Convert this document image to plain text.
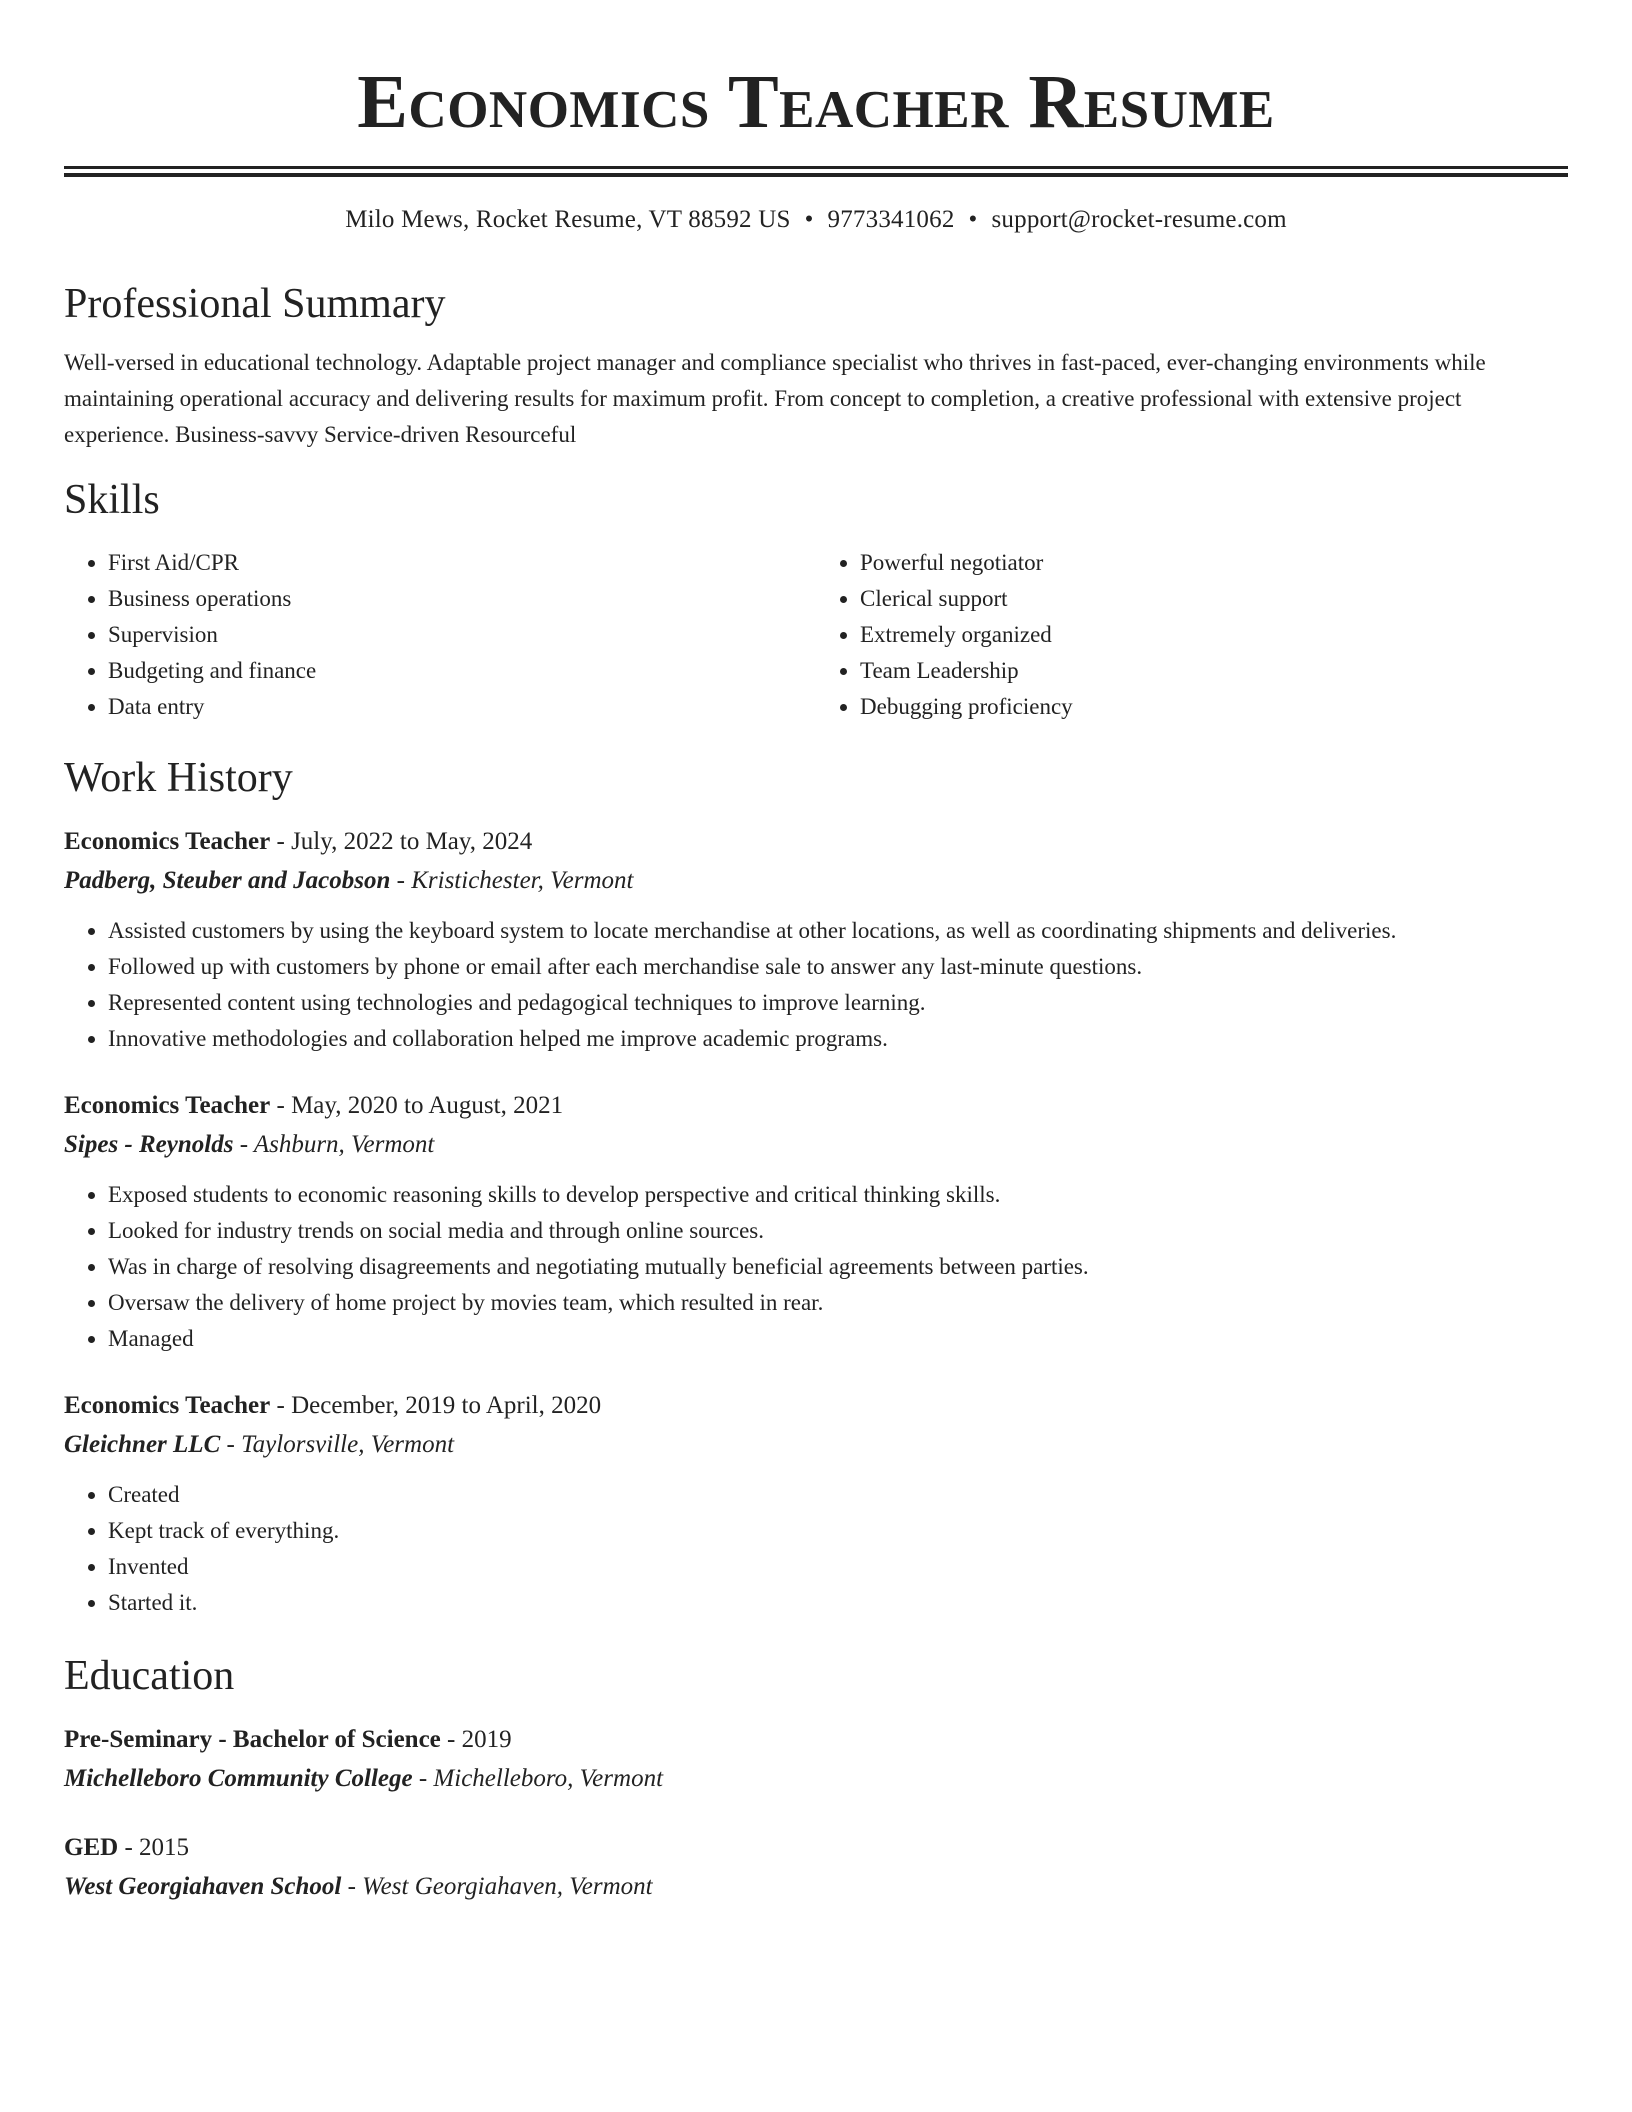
Economics Teacher Resume
Milo Mews, Rocket Resume, VT 88592 US • 9773341062 • support@rocket-resume.com
Professional Summary
Well-versed in educational technology. Adaptable project manager and compliance specialist who thrives in fast-paced, ever-changing environments while maintaining operational accuracy and delivering results for maximum profit. From concept to completion, a creative professional with extensive project experience. Business-savvy Service-driven Resourceful
Skills
• First Aid/CPR
• Business operations
• Supervision
• Budgeting and finance
• Data entry
• Powerful negotiator
• Clerical support
• Extremely organized
• Team Leadership
• Debugging proficiency
Work History
Economics Teacher - July, 2022 to May, 2024
Padberg, Steuber and Jacobson - Kristichester, Vermont
• Assisted customers by using the keyboard system to locate merchandise at other locations, as well as coordinating shipments and deliveries.
• Followed up with customers by phone or email after each merchandise sale to answer any last-minute questions.
• Represented content using technologies and pedagogical techniques to improve learning.
• Innovative methodologies and collaboration helped me improve academic programs.
Economics Teacher - May, 2020 to August, 2021
Sipes - Reynolds - Ashburn, Vermont
• Exposed students to economic reasoning skills to develop perspective and critical thinking skills.
• Looked for industry trends on social media and through online sources.
• Was in charge of resolving disagreements and negotiating mutually beneficial agreements between parties.
• Oversaw the delivery of home project by movies team, which resulted in rear.
• Managed
Economics Teacher - December, 2019 to April, 2020
Gleichner LLC - Taylorsville, Vermont
• Created
• Kept track of everything.
• Invented
• Started it.
Education
Pre-Seminary - Bachelor of Science - 2019
Michelleboro Community College - Michelleboro, Vermont
GED - 2015
West Georgiahaven School - West Georgiahaven, Vermont
